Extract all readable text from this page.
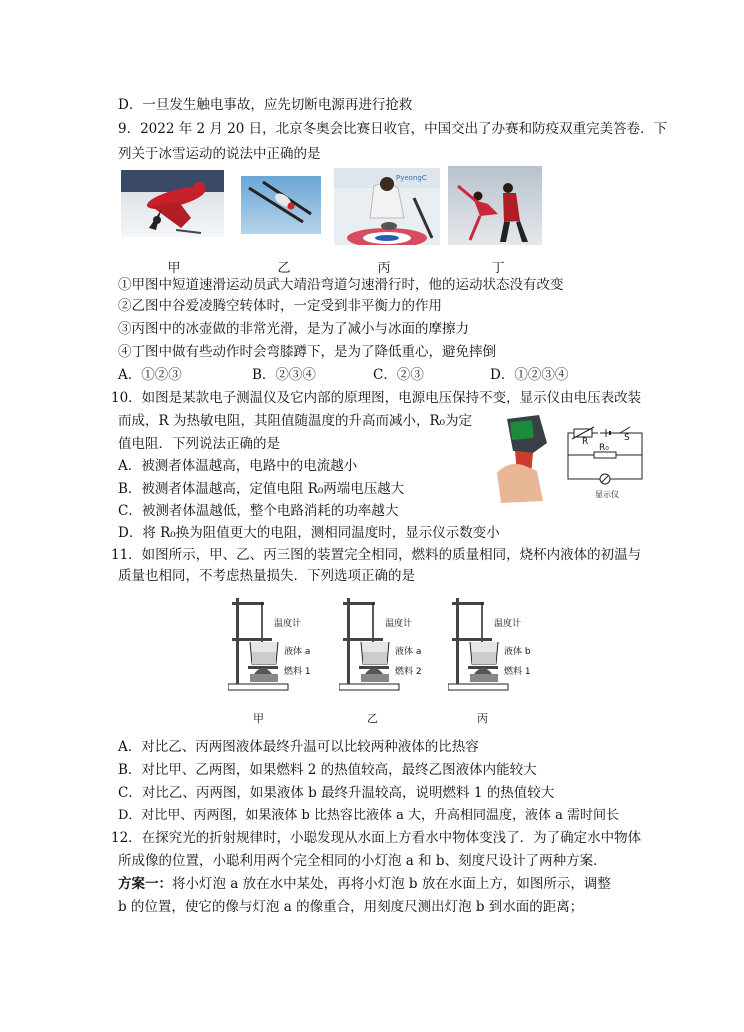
D．一旦发生触电事故，应先切断电源再进行抢救
9．2022 年 2 月 20 日，北京冬奥会比赛日收官，中国交出了办赛和防疫双重完美答卷．下
列关于冰雪运动的说法中正确的是
PyeongC
甲	乙	丙	丁
①甲图中短道速滑运动员武大靖沿弯道匀速滑行时，他的运动状态没有改变
②乙图中谷爱凌腾空转体时，一定受到非平衡力的作用
③丙图中的冰壶做的非常光滑，是为了减小与冰面的摩擦力
④丁图中做有些动作时会弯膝蹲下，是为了降低重心，避免摔倒
A．①②③	B．②③④	C．②③	D．①②③④
10．如图是某款电子测温仪及它内部的原理图，电源电压保持不变，显示仪由电压表改装
而成，R 为热敏电阻，其阻值随温度的升高而减小，R₀为定
值电阻．下列说法正确的是
A．被测者体温越高，电路中的电流越小
B．被测者体温越高，定值电阻 R₀两端电压越大
C．被测者体温越低，整个电路消耗的功率越大
D．将 R₀换为阻值更大的电阻，测相同温度时，显示仪示数变小
R	S
R₀
显示仪
11．如图所示，甲、乙、丙三图的装置完全相同，燃料的质量相同，烧杯内液体的初温与
质量也相同，不考虑热量损失．下列选项正确的是
温度计
液体 a
燃料 1
甲
温度计
液体 a
燃料 2
乙
温度计
液体 b
燃料 1
丙
A．对比乙、丙两图液体最终升温可以比较两种液体的比热容
B．对比甲、乙两图，如果燃料 2 的热值较高，最终乙图液体内能较大
C．对比乙、丙两图，如果液体 b 最终升温较高，说明燃料 1 的热值较大
D．对比甲、丙两图，如果液体 b 比热容比液体 a 大，升高相同温度，液体 a 需时间长
12．在探究光的折射规律时，小聪发现从水面上方看水中物体变浅了．为了确定水中物体
所成像的位置，小聪利用两个完全相同的小灯泡 a 和 b、刻度尺设计了两种方案．
方案一：将小灯泡 a 放在水中某处，再将小灯泡 b 放在水面上方，如图所示，调整
b 的位置，使它的像与灯泡 a 的像重合，用刻度尺测出灯泡 b 到水面的距离；
